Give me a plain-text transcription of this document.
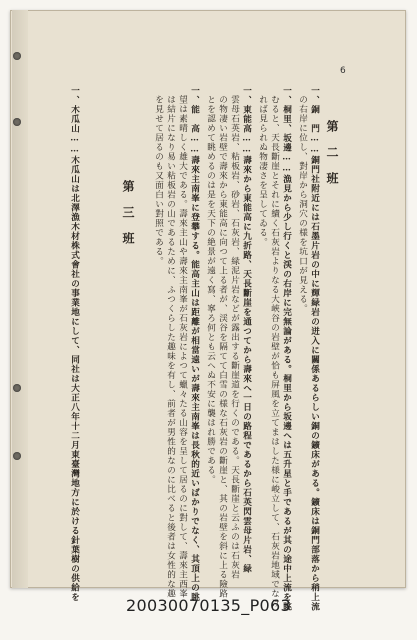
6
第二班
一、銅　門……銅門社附近には石墨片岩の中に輝緑岩の迸入に關係あるらしい銅の鑛床がある。鑛床は銅門部落から稍上流
の右岸に位し、對岸から洞穴の様を坑口が見える。
一、桐里、坂邊……漁見から少し行くと渓の右岸に完無論がある。桐里から坂邊へは五升星と手であるが其の途中上流を眺
むると、天長斷崖とそれに續く石灰岩よりなる大峽谷の岩壁が恰も屏風を立てまはした様に峻立して、石灰岩地域でなけ
れば見られぬ物凄さを呈してゐる。
一、東能高……壽來から東能高に九折路、天長斷崖を通つてから壽來へ一日の路程であるから石英閃雲母片岩、緑
雲母石英岩、粘板岩、砂岩、石灰岩、緑泥片岩などが露出する斷崖道を行くのである。天長斷崖と云ふのは石灰岩
の物凄い岩壁で壽來から東能高に向つて上る者が、渓谷を隔てて白雪の様な石灰岩の斷崖と、其の岩壁を斜に上る險路
とを認めて眺めるのは是を天下の絶景が遠く寫、寧ろ何とも云へぬ不安に襲はれ勝である。
一、能　高……壽來主南峯に登攀する。能高主山は距離が相當遠いが壽來主南峯は長秋的近いばかりでなく、其頂上の眺
望は素晴しく雄大である。壽來主山や壽來主南峯が石灰岩によつて蠟々たる山容を呈して居るのに對して、壽來主西峯
は結片になり易い粘板岩の山であるために、ふつくらした趣味を有し、前者が男性的なのに比べると後者は女性的な趣
を見せて居るのも又面白い對照である。
第三班
一、木瓜山……木瓜山は北澤漁木材株式會社の事業地にして、同社は大正八年十二月東臺灣地方に於ける針葉樹の供給を
20030070135_P063
